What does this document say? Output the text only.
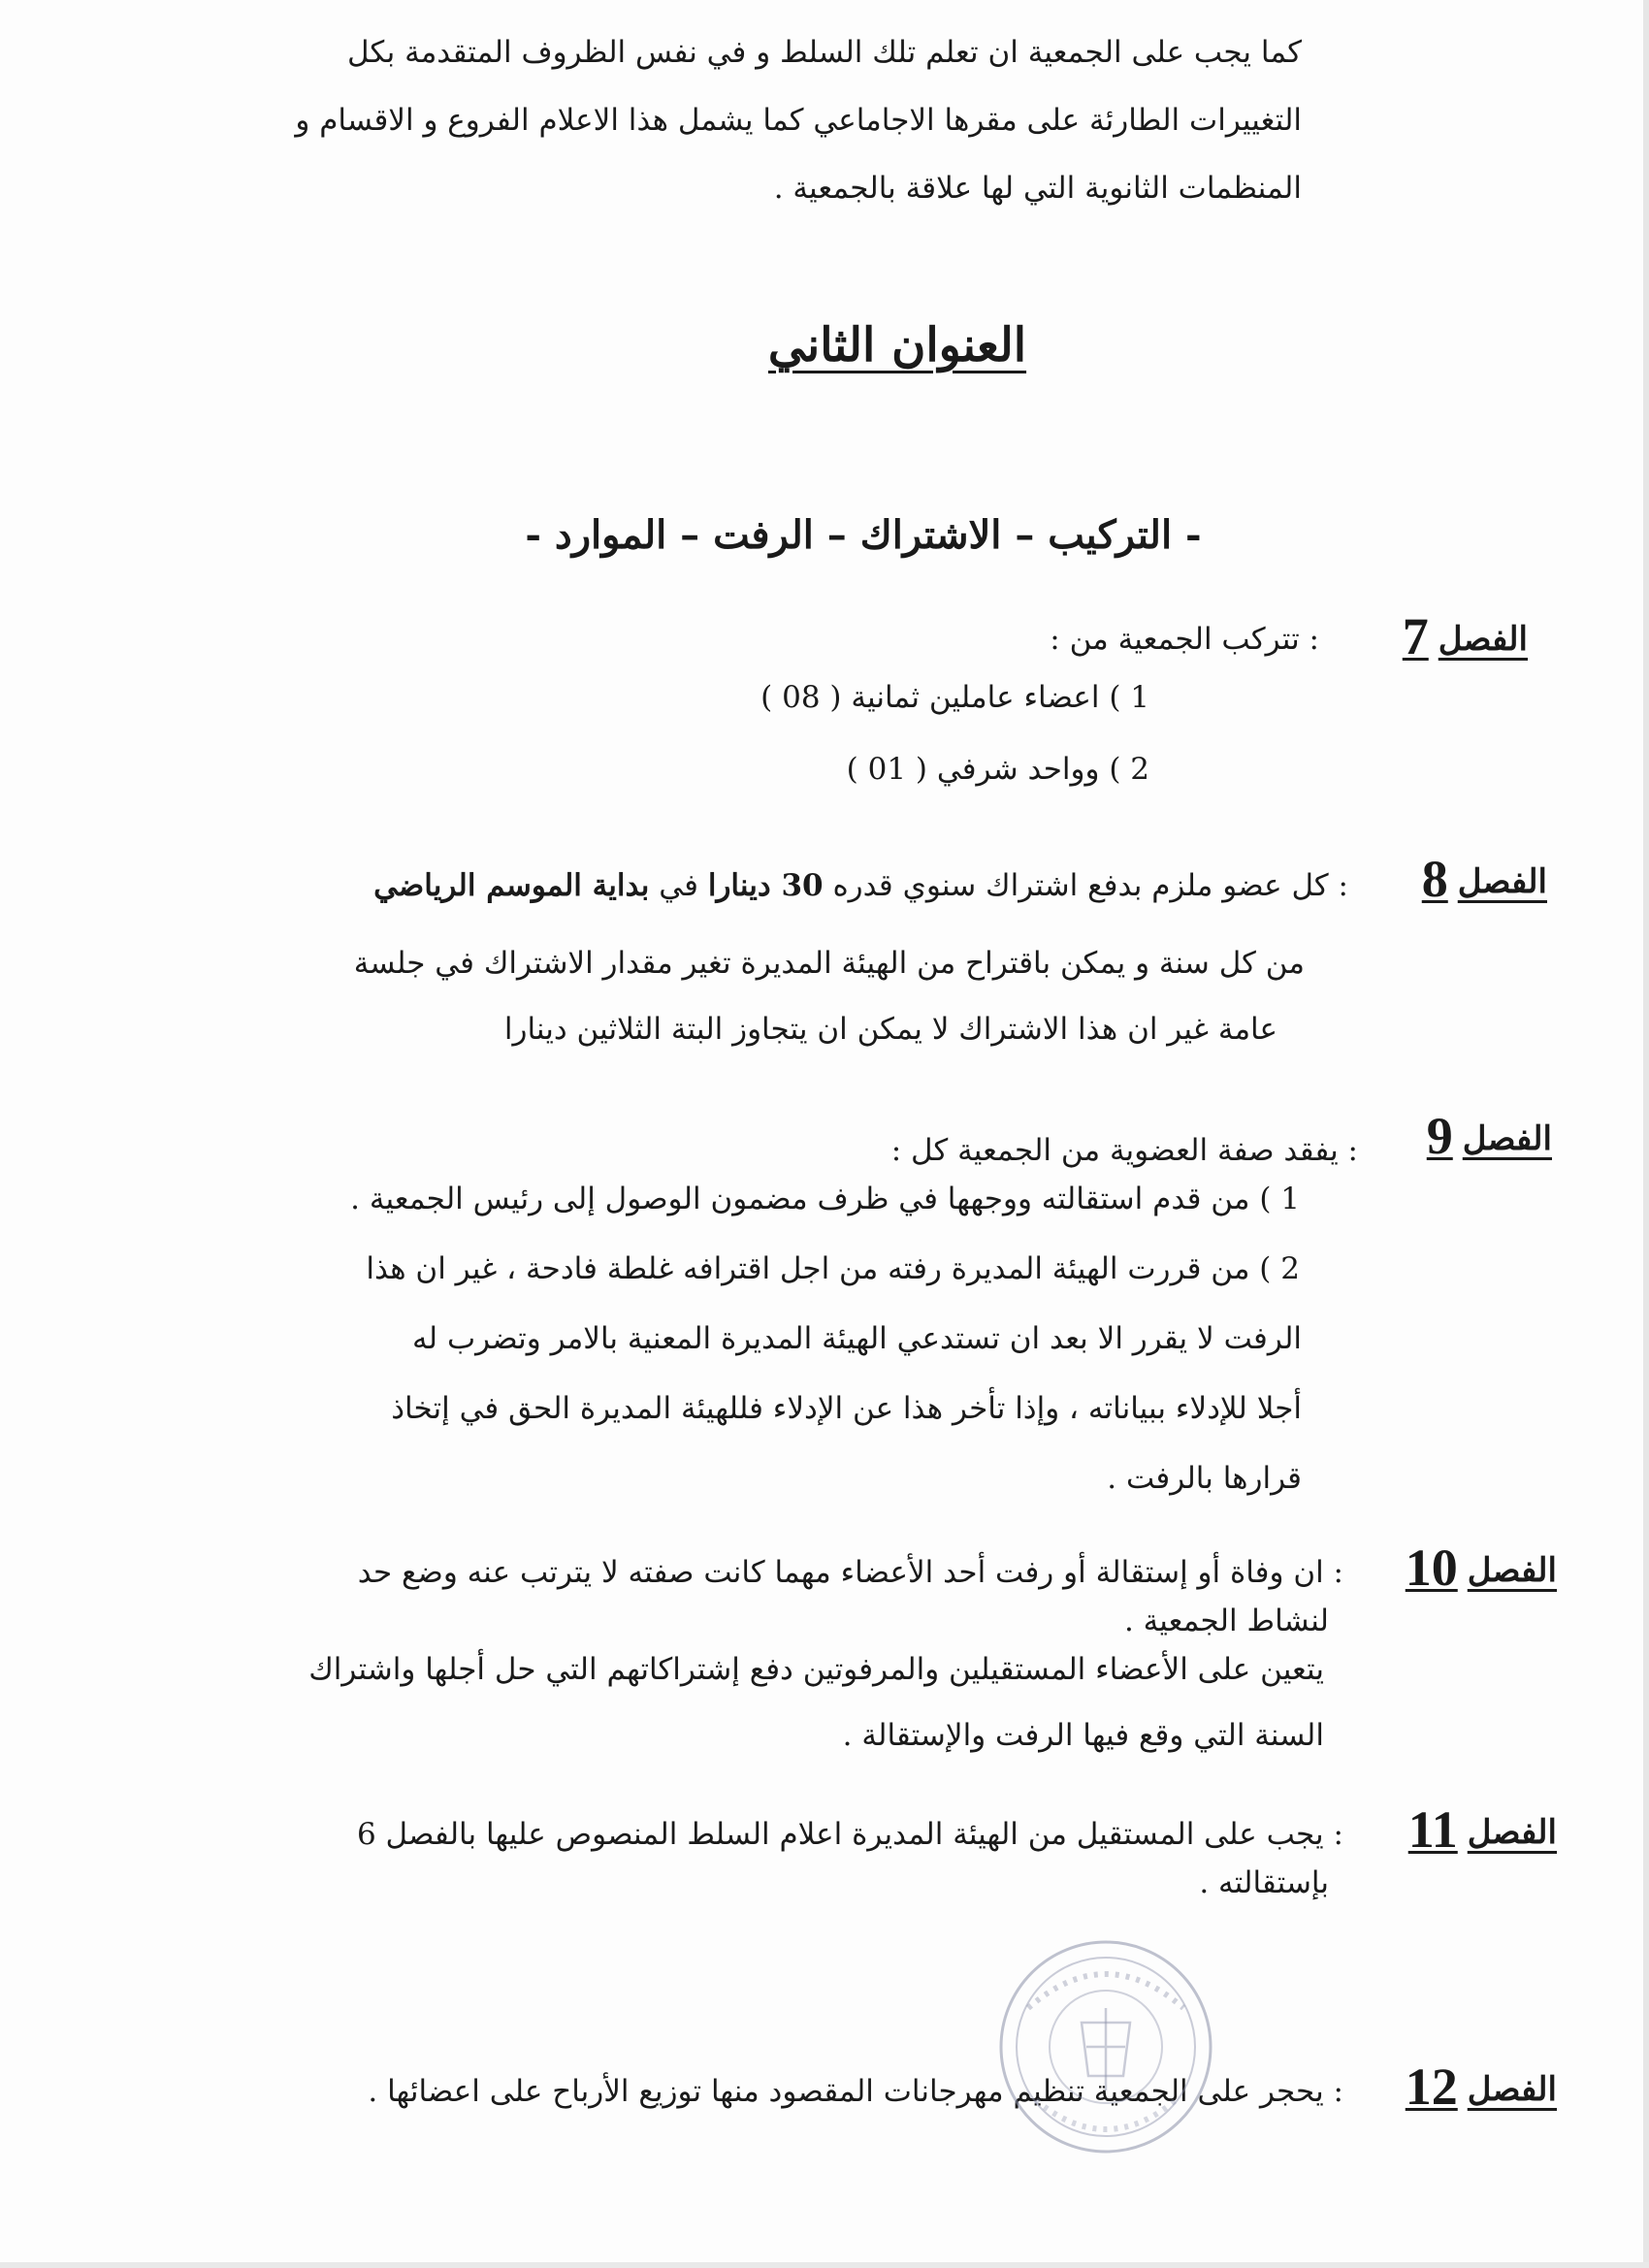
كما يجب على الجمعية ان تعلم تلك السلط و في نفس الظروف المتقدمة بكل
التغييرات الطارئة على مقرها الاجاماعي كما يشمل هذا الاعلام الفروع و الاقسام و
المنظمات الثانوية التي لها علاقة بالجمعية .
العنوان الثاني
- التركيب – الاشتراك – الرفت – الموارد -
الفصل7
: تتركب الجمعية من :
1 ) اعضاء عاملين ثمانية ( 08 )
2 ) وواحد شرفي ( 01 )
الفصل8
: كل عضو ملزم بدفع اشتراك سنوي قدره 30 دينارا في بداية الموسم الرياضي
من كل سنة و يمكن باقتراح من الهيئة المديرة تغير مقدار الاشتراك في جلسة
عامة غير ان هذا الاشتراك لا يمكن ان يتجاوز البتة الثلاثين دينارا
الفصل9
: يفقد صفة العضوية من الجمعية كل :
1 ) من قدم استقالته ووجهها في ظرف مضمون الوصول إلى رئيس الجمعية .
2 ) من قررت الهيئة المديرة رفته من اجل اقترافه غلطة فادحة ، غير ان هذا
الرفت لا يقرر الا بعد ان تستدعي الهيئة المديرة المعنية بالامر وتضرب له
أجلا للإدلاء ببياناته ، وإذا تأخر هذا عن الإدلاء فللهيئة المديرة الحق في إتخاذ
قرارها بالرفت .
الفصل10
: ان وفاة أو إستقالة أو رفت أحد الأعضاء مهما كانت صفته لا يترتب عنه وضع حد
لنشاط الجمعية .
يتعين على الأعضاء المستقيلين والمرفوتين دفع إشتراكاتهم التي حل أجلها واشتراك
السنة التي وقع فيها الرفت والإستقالة .
الفصل11
: يجب على المستقيل من الهيئة المديرة اعلام السلط المنصوص عليها بالفصل 6
بإستقالته .
الفصل12
: يحجر على الجمعية تنظيم مهرجانات المقصود منها توزيع الأرباح على اعضائها .
